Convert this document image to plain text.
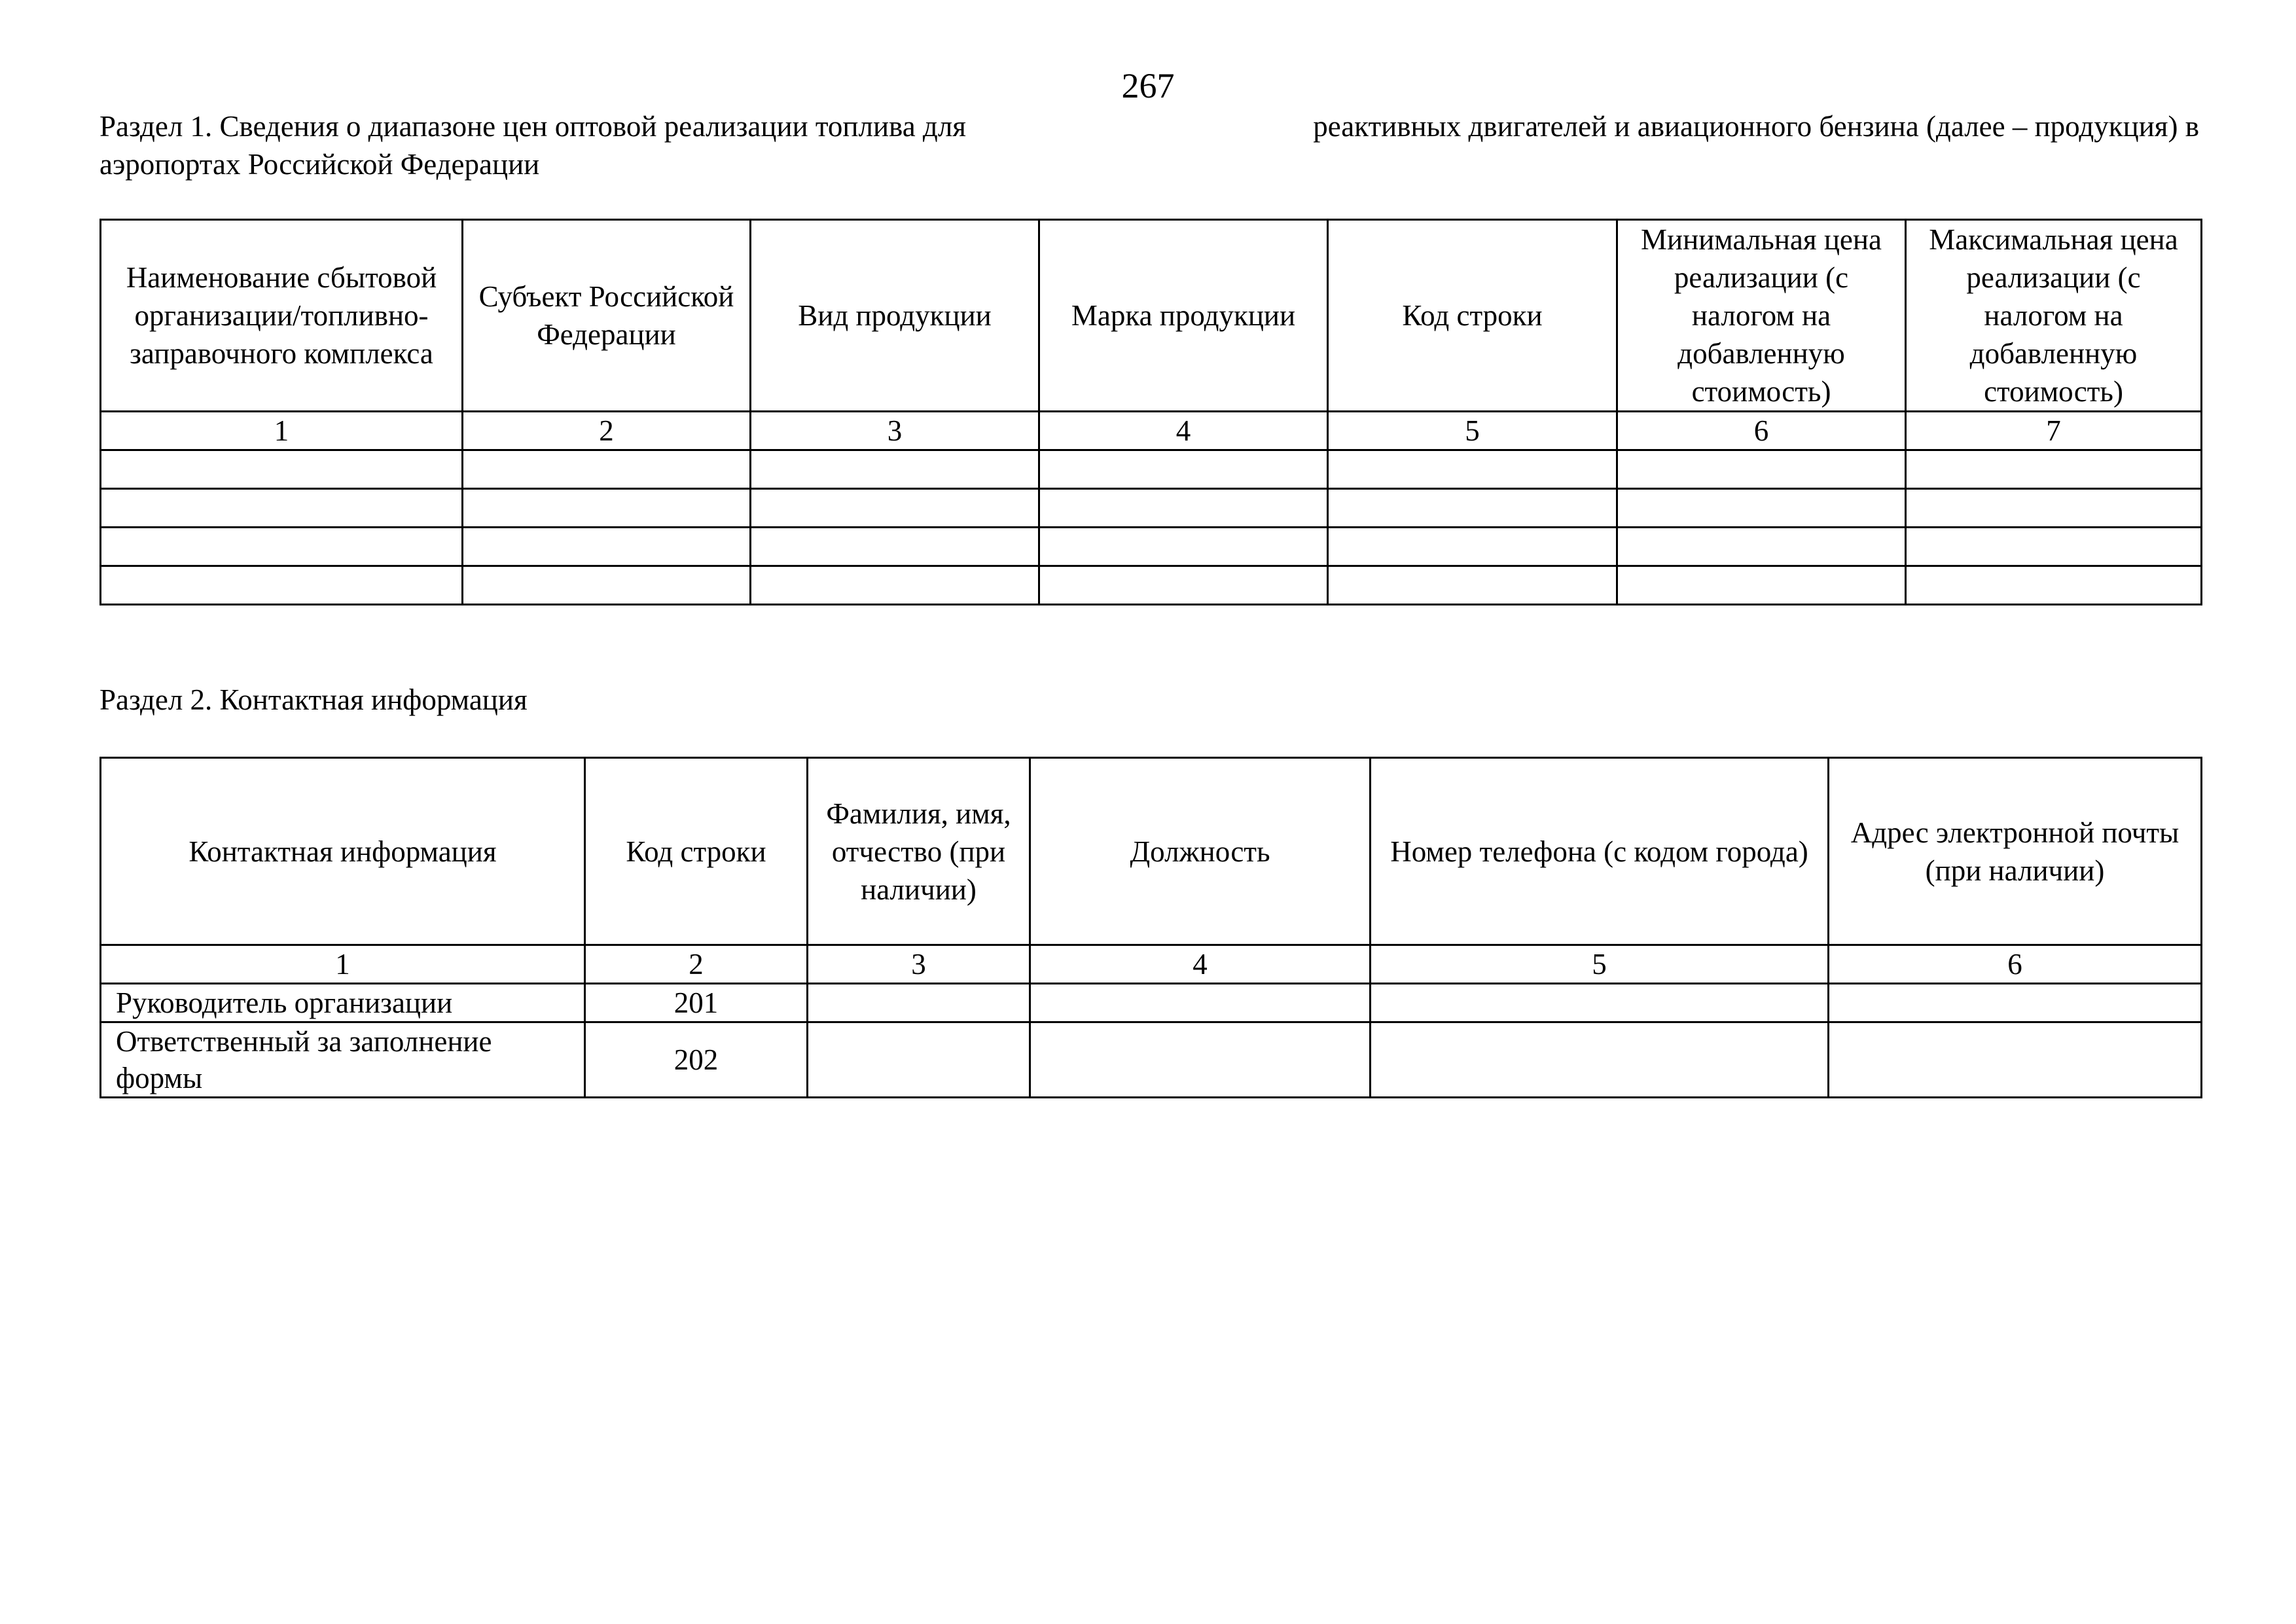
267
Раздел 1. Сведения о диапазоне цен оптовой реализации топлива для	реактивных двигателей и авиационного бензина (далее – продукция) в
аэропортах Российской Федерации
Наименование сбытовой организации/топливно-заправочного комплекса	Субъект Российской Федерации	Вид продукции	Марка продукции	Код строки	Минимальная цена реализации (с налогом на добавленную стоимость)	Максимальная цена реализации (с налогом на добавленную стоимость)
1	2	3	4	5	6	7

Раздел 2. Контактная информация
Контактная информация	Код строки	Фамилия, имя, отчество (при наличии)	Должность	Номер телефона (с кодом города)	Адрес электронной почты (при наличии)
1	2	3	4	5	6
Руководитель организации	201				
Ответственный за заполнение формы	202				
